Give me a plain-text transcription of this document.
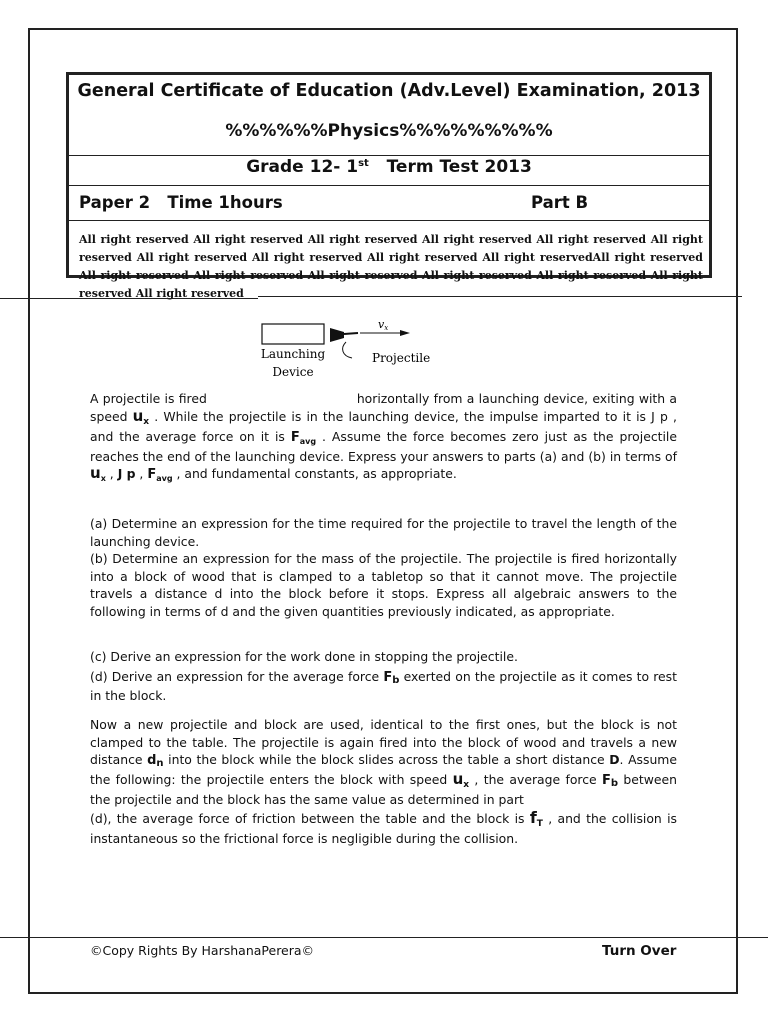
General Certificate of Education (Adv.Level) Examination, 2013
%%%%%%Physics%%%%%%%%%
Grade 12- 1st Term Test 2013
Paper 2   Time 1hours	Part B
All right reserved All right reserved All right reserved All right reserved All right reserved All right reserved All right reserved All right reserved All right reserved All right reservedAll right reserved All right reserved All right reserved All right reserved All right reserved All right reserved All right reserved All right reserved
vx
Projectile
Launching
Device

A projectile is fired	horizontally from a launching device, exiting with a speed $u_x$ . While the projectile is in the launching device, the impulse imparted to it is J p , and the average force on it is $F_{avg}$ . Assume the force becomes zero just as the projectile reaches the end of the launching device. Express your answers to parts (a) and (b) in terms of $u_x$ , J p , $F_{avg}$ , and fundamental constants, as appropriate.

(a) Determine an expression for the time required for the projectile to travel the length of the launching device.

(b) Determine an expression for the mass of the projectile. The projectile is fired horizontally into a block of wood that is clamped to a tabletop so that it cannot move. The projectile travels a distance d into the block before it stops. Express all algebraic answers to the following in terms of d and the given quantities previously indicated, as appropriate.

(c) Derive an expression for the work done in stopping the projectile.

(d) Derive an expression for the average force Fb exerted on the projectile as it comes to rest in the block.

Now a new projectile and block are used, identical to the first ones, but the block is not clamped to the table. The projectile is again fired into the block of wood and travels a new distance dn into the block while the block slides across the table a short distance D. Assume the following: the projectile enters the block with speed $u_x$ , the average force Fb between the projectile and the block has the same value as determined in part

(d), the average force of friction between the table and the block is $f_T$ , and the collision is instantaneous so the frictional force is negligible during the collision.

©Copy Rights By HarshanaPerera©	Turn Over
